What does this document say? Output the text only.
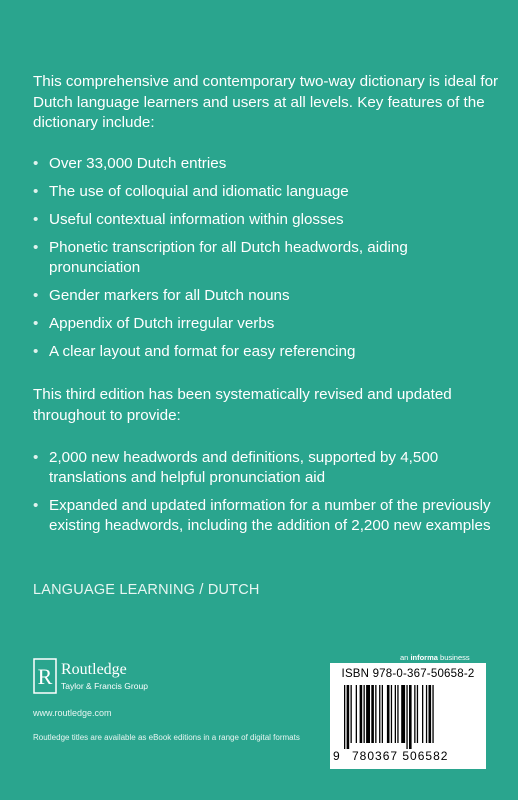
This comprehensive and contemporary two-way dictionary is ideal for Dutch language learners and users at all levels. Key features of the dictionary include:

• Over 33,000 Dutch entries
• The use of colloquial and idiomatic language
• Useful contextual information within glosses
• Phonetic transcription for all Dutch headwords, aiding pronunciation
• Gender markers for all Dutch nouns
• Appendix of Dutch irregular verbs
• A clear layout and format for easy referencing

This third edition has been systematically revised and updated throughout to provide:

• 2,000 new headwords and definitions, supported by 4,500 translations and helpful pronunciation aid
• Expanded and updated information for a number of the previously existing headwords, including the addition of 2,200 new examples
LANGUAGE LEARNING / DUTCH
R Routledge
Taylor & Francis Group
www.routledge.com
Routledge titles are available as eBook editions in a range of digital formats
an informa business
ISBN 978-0-367-50658-2
9 780367 506582
